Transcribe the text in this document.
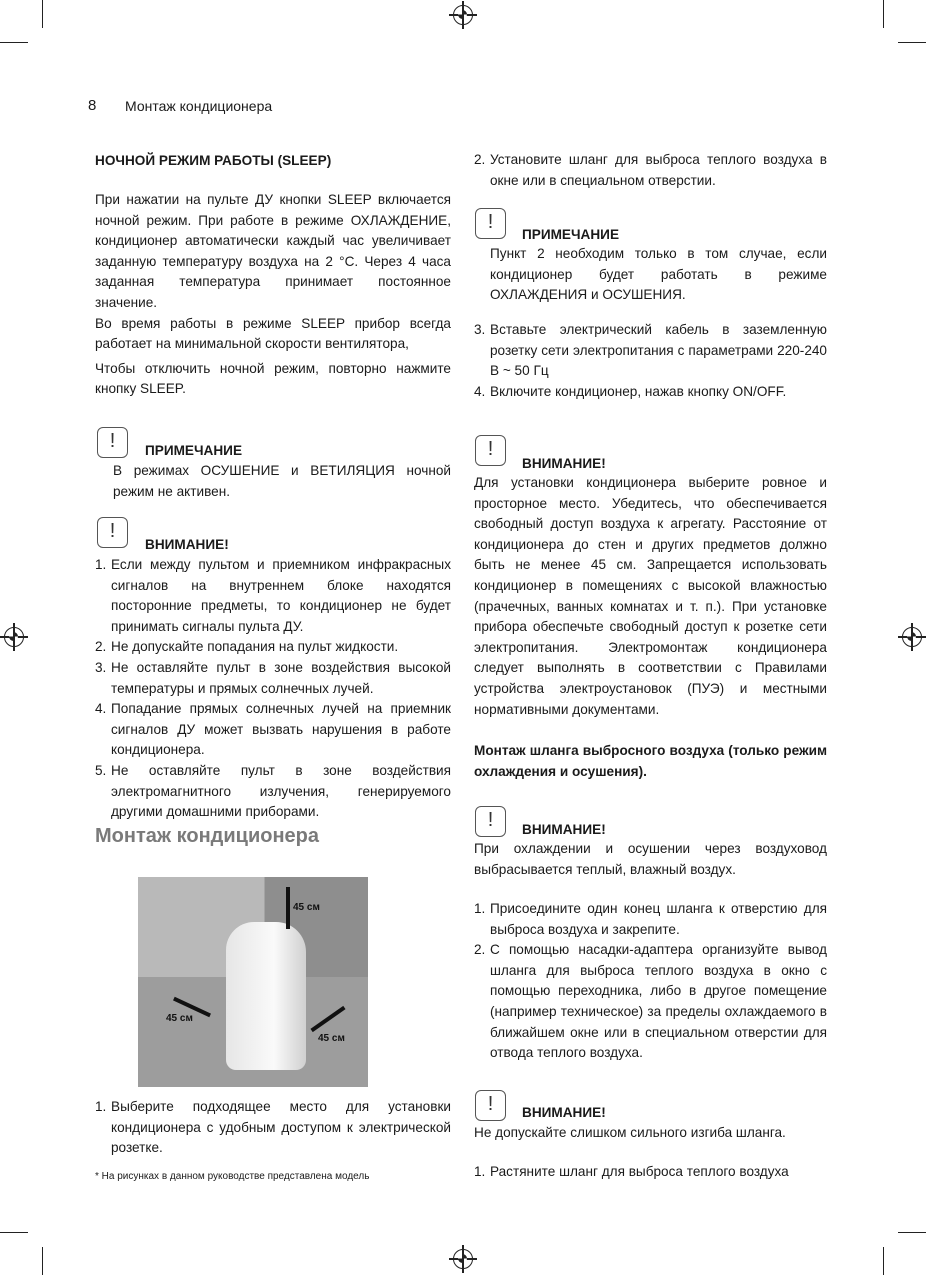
8 Монтаж кондиционера
НОЧНОЙ РЕЖИМ РАБОТЫ (SLEEP)

При нажатии на пульте ДУ кнопки SLEEP включается ночной режим. При работе в режиме ОХЛАЖДЕНИЕ, кондиционер автоматически каждый час увеличивает заданную температуру воздуха на 2 °С. Через 4 часа заданная температура принимает постоянное значение.

Во время работы в режиме SLEEP прибор всегда работает на минимальной скорости вентилятора,

Чтобы отключить ночной режим, повторно нажмите кнопку SLEEP.

!	ПРИМЕЧАНИЕ

В режимах ОСУШЕНИЕ и ВЕТИЛЯЦИЯ ночной режим не активен.

!
ВНИМАНИЕ!
1. Если между пультом и приемником инфракрасных сигналов на внутреннем блоке находятся посторонние предметы, то кондиционер не будет принимать сигналы пульта ДУ.
2. Не допускайте попадания на пульт жидкости.
3. Не оставляйте пульт в зоне воздействия высокой температуры и прямых солнечных лучей.
4. Попадание прямых солнечных лучей на приемник сигналов ДУ может вызвать нарушения в работе кондиционера.
5. Не оставляйте пульт в зоне воздействия электромагнитного излучения, генерируемого другими домашними приборами.
Монтаж кондиционера
45 см
45 см
45 см
1. Выберите подходящее место для установки кондиционера с удобным доступом к электрической розетке.
* На рисунках в данном руководстве представлена модель
2. Установите шланг для выброса теплого воздуха в окне или в специальном отверстии.
!
ПРИМЕЧАНИЕ

Пункт 2 необходим только в том случае, если кондиционер будет работать в режиме ОХЛАЖДЕНИЯ и ОСУШЕНИЯ.

3. Вставьте электрический кабель в заземленную розетку сети электропитания с параметрами 220-240 В ~ 50 Гц
4. Включите кондиционер, нажав кнопку ON/OFF.
!
ВНИМАНИЕ!

Для установки кондиционера выберите ровное и просторное место. Убедитесь, что обеспечивается свободный доступ воздуха к агрегату. Расстояние от кондиционера до стен и других предметов должно быть не менее 45 см. Запрещается использовать кондиционер в помещениях с высокой влажностью (прачечных, ванных комнатах и т. п.). При установке прибора обеспечьте свободный доступ к розетке сети электропитания. Электромонтаж кондиционера следует выполнять в соответствии с Правилами устройства электроустановок (ПУЭ) и местными нормативными документами.

Монтаж шланга выбросного воздуха (только режим охлаждения и осушения).

!	ВНИМАНИЕ!

При охлаждении и осушении через воздуховод выбрасывается теплый, влажный воздух.

1. Присоедините один конец шланга к отверстию для выброса воздуха и закрепите.
2. С помощью насадки-адаптера организуйте вывод шланга для выброса теплого воздуха в окно с помощью переходника, либо в другое помещение (например техническое) за пределы охлаждаемого в ближайшем окне или в специальном отверстии для отвода теплого воздуха.
!	ВНИМАНИЕ!

Не допускайте слишком сильного изгиба шланга.

1. Растяните шланг для выброса теплого воздуха
